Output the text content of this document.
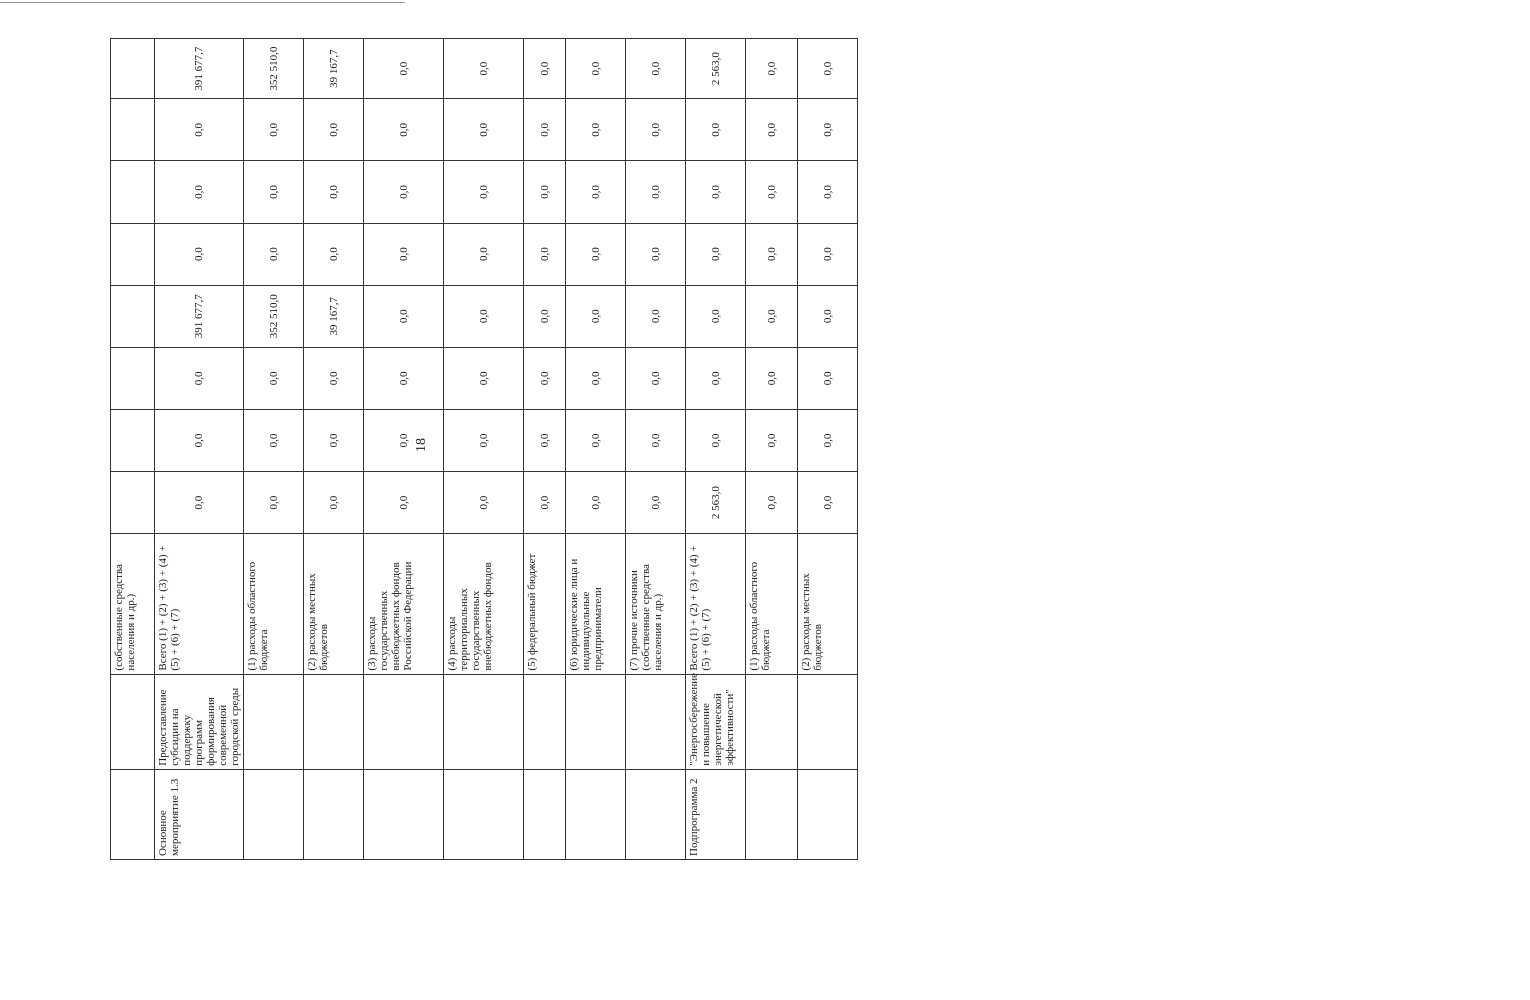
18
		(собственные средства населения и др.)								
Основное мероприятие 1.3	Предоставление субсидии на поддержку программ формирования современной городской среды	Всего (1) + (2) + (3) + (4) + (5) + (6) + (7)	0,0	0,0	0,0	391 677,7	0,0	0,0	0,0	391 677,7
		(1) расходы областного бюджета	0,0	0,0	0,0	352 510,0	0,0	0,0	0,0	352 510,0
		(2) расходы местных бюджетов	0,0	0,0	0,0	39 167,7	0,0	0,0	0,0	39 167,7
		(3) расходы государственных внебюджетных фондов Российской Федерации	0,0	0,0	0,0	0,0	0,0	0,0	0,0	0,0
		(4) расходы территориальных государственных внебюджетных фондов	0,0	0,0	0,0	0,0	0,0	0,0	0,0	0,0
		(5) федеральный бюджет	0,0	0,0	0,0	0,0	0,0	0,0	0,0	0,0
		(6) юридические лица и индивидуальные предприниматели	0,0	0,0	0,0	0,0	0,0	0,0	0,0	0,0
		(7) прочие источники (собственные средства населения и др.)	0,0	0,0	0,0	0,0	0,0	0,0	0,0	0,0
Подпрограмма 2	"Энергосбережение и повышение энергетической эффективности"	Всего (1) + (2) + (3) + (4) + (5) + (6) + (7)	2 563,0	0,0	0,0	0,0	0,0	0,0	0,0	2 563,0
		(1) расходы областного бюджета	0,0	0,0	0,0	0,0	0,0	0,0	0,0	0,0
		(2) расходы местных бюджетов	0,0	0,0	0,0	0,0	0,0	0,0	0,0	0,0
